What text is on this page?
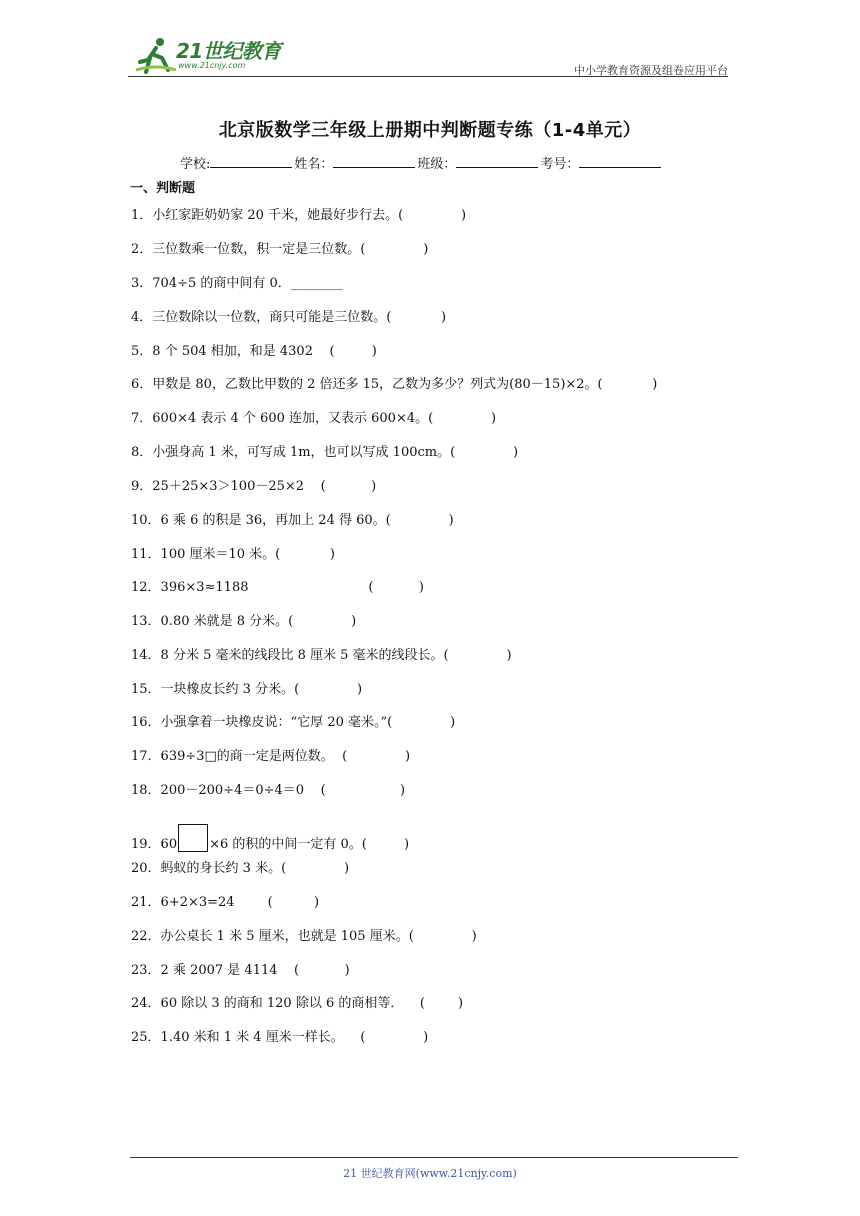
21世纪教育
www.21cnjy.com	中小学教育资源及组卷应用平台
北京版数学三年级上册期中判断题专练（1-4单元）
学校:	姓名：	班级：	考号：
一、判断题
1．小红家距奶奶家 20 千米，她最好步行去。(              )
2．三位数乘一位数，积一定是三位数。(              )
3．704÷5 的商中间有 0．________
4．三位数除以一位数，商只可能是三位数。(            )
5．8 个 504 相加，和是 4302    (         )
6．甲数是 80，乙数比甲数的 2 倍还多 15，乙数为多少？列式为(80－15)×2。(            )
7．600×4 表示 4 个 600 连加，又表示 600×4。(              )
8．小强身高 1 米，可写成 1m，也可以写成 100cm。(              )
9．25＋25×3＞100－25×2    (           )
10．6 乘 6 的积是 36，再加上 24 得 60。(              )
11．100 厘米＝10 米。(            )
12．396×3≈1188                             (           )
13．0.80 米就是 8 分米。(              )
14．8 分米 5 毫米的线段比 8 厘米 5 毫米的线段长。(              )
15．一块橡皮长约 3 分米。(              )
16．小强拿着一块橡皮说：“它厚 20 毫米。”(              )
17．639÷3□的商一定是两位数。  (              )
18．200－200÷4＝0÷4＝0    (                  )
19．60 ×6 的积的中间一定有 0。(         )
20．蚂蚁的身长约 3 米。(              )
21．6+2×3=24        (          )
22．办公桌长 1 米 5 厘米，也就是 105 厘米。(              )
23．2 乘 2007 是 4114    (           )
24．60 除以 3 的商和 120 除以 6 的商相等．    (        )
25．1.40 米和 1 米 4 厘米一样长。    (              )
21 世纪教育网(www.21cnjy.com)
